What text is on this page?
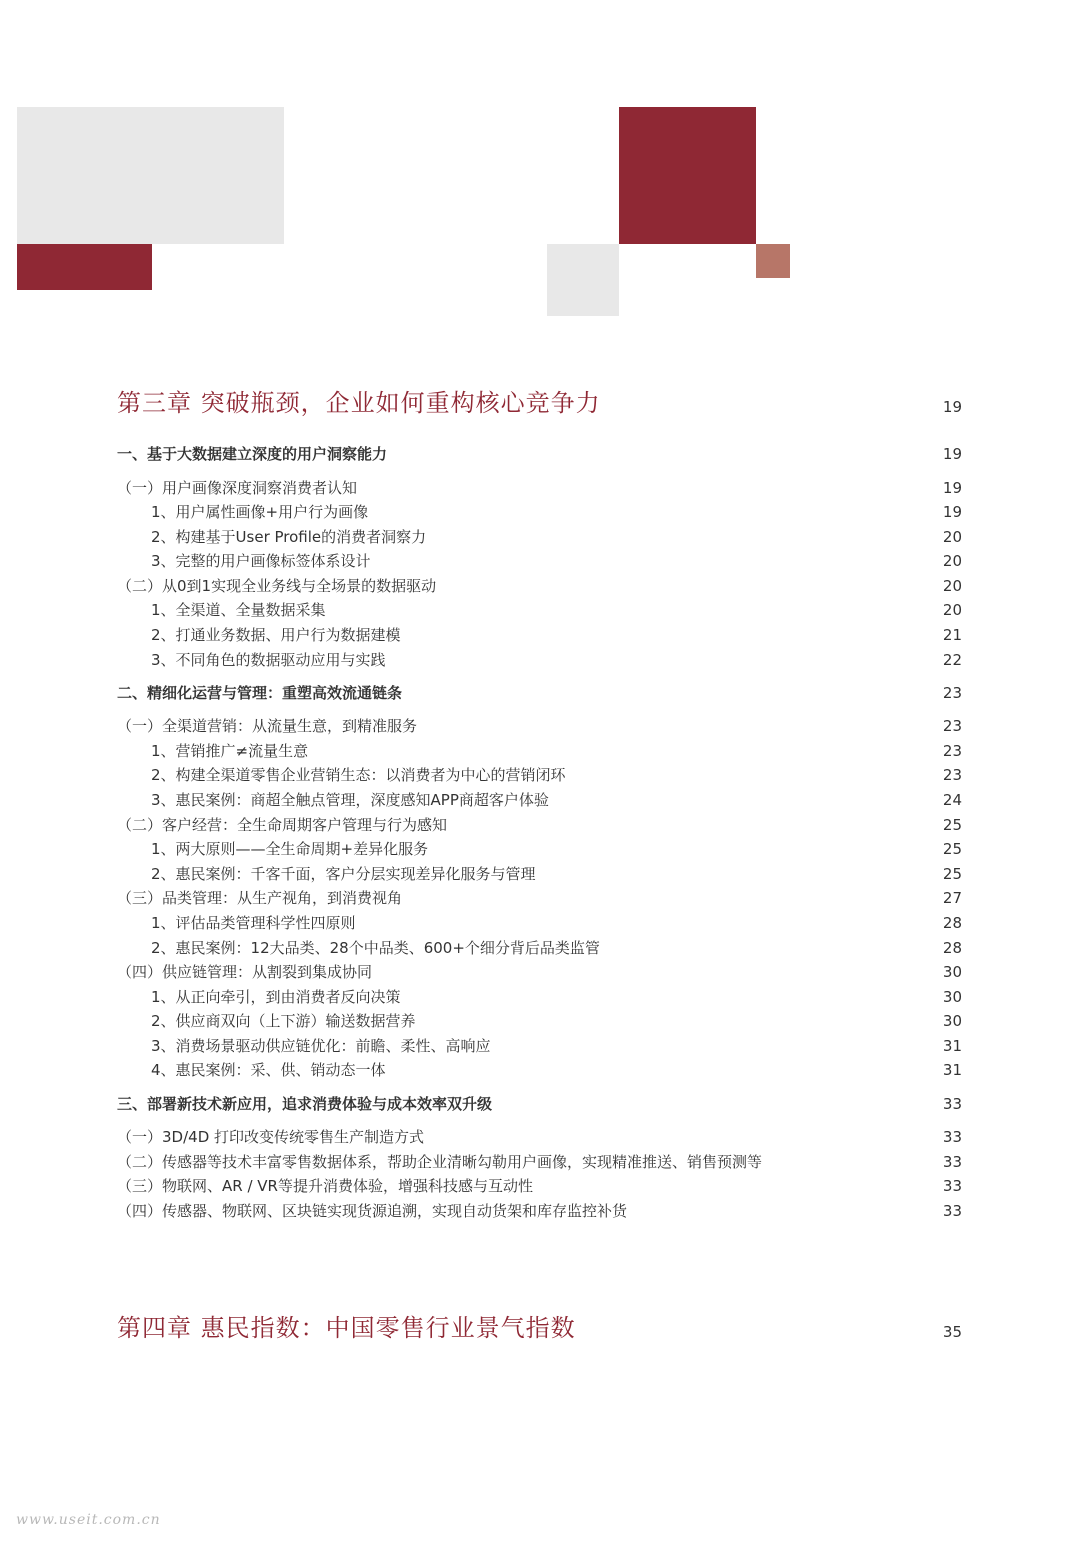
第三章 突破瓶颈，企业如何重构核心竞争力	19
一、基于大数据建立深度的用户洞察能力	19
（一）用户画像深度洞察消费者认知	19
1、用户属性画像+用户行为画像	19
2、构建基于User Profile的消费者洞察力	20
3、完整的用户画像标签体系设计	20
（二）从0到1实现全业务线与全场景的数据驱动	20
1、全渠道、全量数据采集	20
2、打通业务数据、用户行为数据建模	21
3、不同角色的数据驱动应用与实践	22
二、精细化运营与管理：重塑高效流通链条	23
（一）全渠道营销：从流量生意，到精准服务	23
1、营销推广≠流量生意	23
2、构建全渠道零售企业营销生态：以消费者为中心的营销闭环	23
3、惠民案例：商超全触点管理，深度感知APP商超客户体验	24
（二）客户经营：全生命周期客户管理与行为感知	25
1、两大原则——全生命周期+差异化服务	25
2、惠民案例：千客千面，客户分层实现差异化服务与管理	25
（三）品类管理：从生产视角，到消费视角	27
1、评估品类管理科学性四原则	28
2、惠民案例：12大品类、28个中品类、600+个细分背后品类监管	28
（四）供应链管理：从割裂到集成协同	30
1、从正向牵引，到由消费者反向决策	30
2、供应商双向（上下游）输送数据营养	30
3、消费场景驱动供应链优化：前瞻、柔性、高响应	31
4、惠民案例：采、供、销动态一体	31
三、部署新技术新应用，追求消费体验与成本效率双升级	33
（一）3D/4D 打印改变传统零售生产制造方式	33
（二）传感器等技术丰富零售数据体系，帮助企业清晰勾勒用户画像，实现精准推送、销售预测等	33
（三）物联网、AR / VR等提升消费体验，增强科技感与互动性	33
（四）传感器、物联网、区块链实现货源追溯，实现自动货架和库存监控补货	33
第四章 惠民指数：中国零售行业景气指数	35
www.useit.com.cn
